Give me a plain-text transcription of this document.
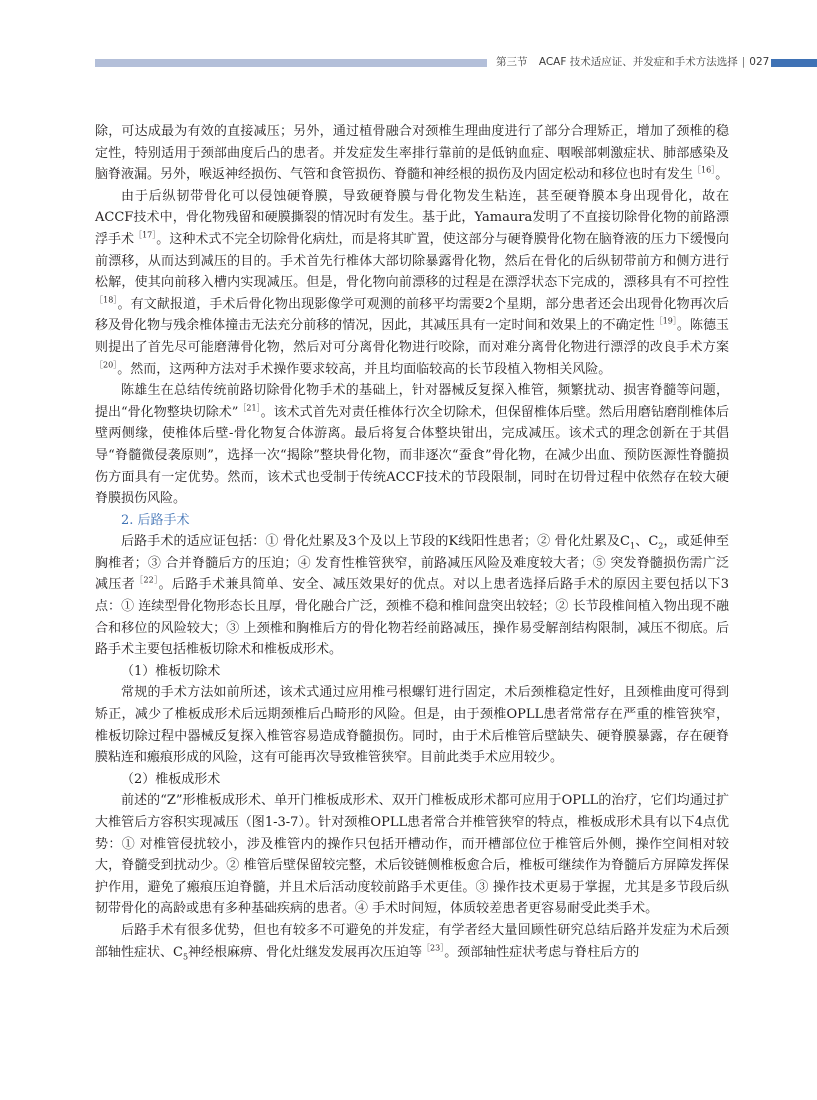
第三节 ACAF 技术适应证、并发症和手术方法选择 | 027

除，可达成最为有效的直接减压；另外，通过植骨融合对颈椎生理曲度进行了部分合理矫正，增加了颈椎的稳定性，特别适用于颈部曲度后凸的患者。并发症发生率排行靠前的是低钠血症、咽喉部刺激症状、肺部感染及脑脊液漏。另外，喉返神经损伤、气管和食管损伤、脊髓和神经根的损伤及内固定松动和移位也时有发生$^{[16]}$。

由于后纵韧带骨化可以侵蚀硬脊膜，导致硬脊膜与骨化物发生粘连，甚至硬脊膜本身出现骨化，故在ACCF技术中，骨化物残留和硬膜撕裂的情况时有发生。基于此，Yamaura发明了不直接切除骨化物的前路漂浮手术$^{[17]}$。这种术式不完全切除骨化病灶，而是将其旷置，使这部分与硬脊膜骨化物在脑脊液的压力下缓慢向前漂移，从而达到减压的目的。手术首先行椎体大部切除暴露骨化物，然后在骨化的后纵韧带前方和侧方进行松解，使其向前移入槽内实现减压。但是，骨化物向前漂移的过程是在漂浮状态下完成的，漂移具有不可控性$^{[18]}$。有文献报道，手术后骨化物出现影像学可观测的前移平均需要2个星期，部分患者还会出现骨化物再次后移及骨化物与残余椎体撞击无法充分前移的情况，因此，其减压具有一定时间和效果上的不确定性$^{[19]}$。陈德玉则提出了首先尽可能磨薄骨化物，然后对可分离骨化物进行咬除，而对难分离骨化物进行漂浮的改良手术方案$^{[20]}$。然而，这两种方法对手术操作要求较高，并且均面临较高的长节段植入物相关风险。

陈雄生在总结传统前路切除骨化物手术的基础上，针对器械反复探入椎管，频繁扰动、损害脊髓等问题，提出“骨化物整块切除术”$^{[21]}$。该术式首先对责任椎体行次全切除术，但保留椎体后壁。然后用磨钻磨削椎体后壁两侧缘，使椎体后壁-骨化物复合体游离。最后将复合体整块钳出，完成减压。该术式的理念创新在于其倡导“脊髓微侵袭原则”，选择一次“揭除”整块骨化物，而非逐次“蚕食”骨化物，在减少出血、预防医源性脊髓损伤方面具有一定优势。然而，该术式也受制于传统ACCF技术的节段限制，同时在切骨过程中依然存在较大硬脊膜损伤风险。

2. 后路手术

后路手术的适应证包括：① 骨化灶累及3个及以上节段的K线阳性患者；② 骨化灶累及$C_1$、$C_2$，或延伸至胸椎者；③ 合并脊髓后方的压迫；④ 发育性椎管狭窄，前路减压风险及难度较大者；⑤ 突发脊髓损伤需广泛减压者$^{[22]}$。后路手术兼具简单、安全、减压效果好的优点。对以上患者选择后路手术的原因主要包括以下3点：① 连续型骨化物形态长且厚，骨化融合广泛，颈椎不稳和椎间盘突出较轻；② 长节段椎间植入物出现不融合和移位的风险较大；③ 上颈椎和胸椎后方的骨化物若经前路减压，操作易受解剖结构限制，减压不彻底。后路手术主要包括椎板切除术和椎板成形术。

（1）椎板切除术

常规的手术方法如前所述，该术式通过应用椎弓根螺钉进行固定，术后颈椎稳定性好，且颈椎曲度可得到矫正，减少了椎板成形术后远期颈椎后凸畸形的风险。但是，由于颈椎OPLL患者常常存在严重的椎管狭窄，椎板切除过程中器械反复探入椎管容易造成脊髓损伤。同时，由于术后椎管后壁缺失、硬脊膜暴露，存在硬脊膜粘连和瘢痕形成的风险，这有可能再次导致椎管狭窄。目前此类手术应用较少。

（2）椎板成形术

前述的“Z”形椎板成形术、单开门椎板成形术、双开门椎板成形术都可应用于OPLL的治疗，它们均通过扩大椎管后方容积实现减压（图1-3-7）。针对颈椎OPLL患者常合并椎管狭窄的特点，椎板成形术具有以下4点优势：① 对椎管侵扰较小，涉及椎管内的操作只包括开槽动作，而开槽部位位于椎管后外侧，操作空间相对较大，脊髓受到扰动少。② 椎管后壁保留较完整，术后铰链侧椎板愈合后，椎板可继续作为脊髓后方屏障发挥保护作用，避免了瘢痕压迫脊髓，并且术后活动度较前路手术更佳。③ 操作技术更易于掌握，尤其是多节段后纵韧带骨化的高龄或患有多种基础疾病的患者。④ 手术时间短，体质较差患者更容易耐受此类手术。

后路手术有很多优势，但也有较多不可避免的并发症，有学者经大量回顾性研究总结后路并发症为术后颈部轴性症状、$C_5$神经根麻痹、骨化灶继发发展再次压迫等$^{[23]}$。颈部轴性症状考虑与脊柱后方的
